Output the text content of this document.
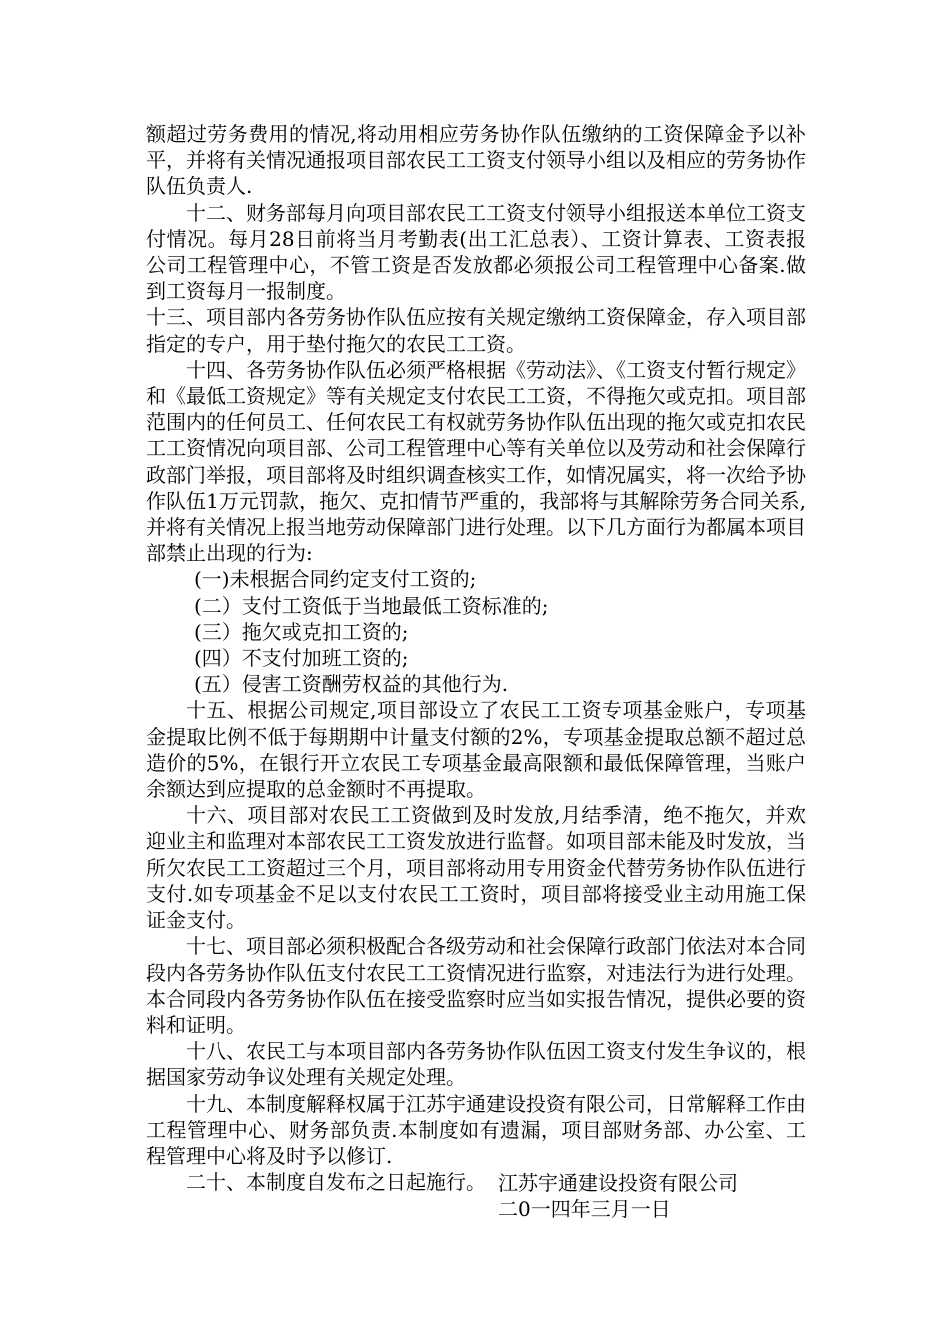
额超过劳务费用的情况,将动用相应劳务协作队伍缴纳的工资保障金予以补平，并将有关情况通报项目部农民工工资支付领导小组以及相应的劳务协作队伍负责人.

十二、财务部每月向项目部农民工工资支付领导小组报送本单位工资支付情况。每月28日前将当月考勤表(出工汇总表）、工资计算表、工资表报公司工程管理中心，不管工资是否发放都必须报公司工程管理中心备案.做到工资每月一报制度。

十三、项目部内各劳务协作队伍应按有关规定缴纳工资保障金，存入项目部指定的专户，用于垫付拖欠的农民工工资。

十四、各劳务协作队伍必须严格根据《劳动法》、《工资支付暂行规定》和《最低工资规定》等有关规定支付农民工工资，不得拖欠或克扣。项目部范围内的任何员工、任何农民工有权就劳务协作队伍出现的拖欠或克扣农民工工资情况向项目部、公司工程管理中心等有关单位以及劳动和社会保障行政部门举报，项目部将及时组织调查核实工作，如情况属实，将一次给予协作队伍1万元罚款，拖欠、克扣情节严重的，我部将与其解除劳务合同关系,并将有关情况上报当地劳动保障部门进行处理。以下几方面行为都属本项目部禁止出现的行为:

(一)未根据合同约定支付工资的;

(二）支付工资低于当地最低工资标准的;

(三）拖欠或克扣工资的;

(四）不支付加班工资的;

(五）侵害工资酬劳权益的其他行为.

十五、根据公司规定,项目部设立了农民工工资专项基金账户，专项基金提取比例不低于每期期中计量支付额的2%，专项基金提取总额不超过总造价的5%，在银行开立农民工专项基金最高限额和最低保障管理，当账户余额达到应提取的总金额时不再提取。

十六、项目部对农民工工资做到及时发放,月结季清，绝不拖欠，并欢迎业主和监理对本部农民工工资发放进行监督。如项目部未能及时发放，当所欠农民工工资超过三个月，项目部将动用专用资金代替劳务协作队伍进行支付.如专项基金不足以支付农民工工资时，项目部将接受业主动用施工保证金支付。

十七、项目部必须积极配合各级劳动和社会保障行政部门依法对本合同段内各劳务协作队伍支付农民工工资情况进行监察，对违法行为进行处理。本合同段内各劳务协作队伍在接受监察时应当如实报告情况，提供必要的资料和证明。

十八、农民工与本项目部内各劳务协作队伍因工资支付发生争议的，根据国家劳动争议处理有关规定处理。

十九、本制度解释权属于江苏宇通建设投资有限公司，日常解释工作由工程管理中心、财务部负责.本制度如有遗漏，项目部财务部、办公室、工程管理中心将及时予以修订.

二十、本制度自发布之日起施行。 江苏宇通建设投资有限公司
二0一四年三月一日
